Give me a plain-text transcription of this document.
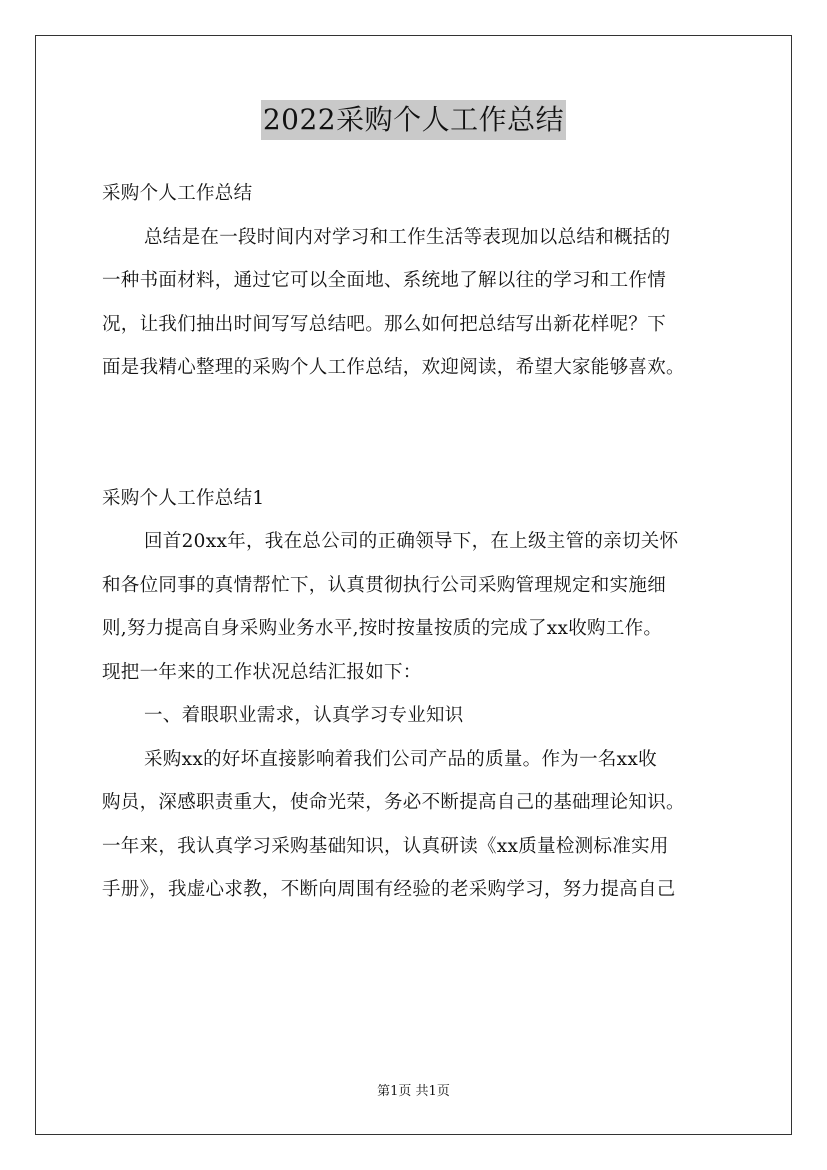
2022采购个人工作总结
采购个人工作总结
总结是在一段时间内对学习和工作生活等表现加以总结和概括的
一种书面材料，通过它可以全面地、系统地了解以往的学习和工作情
况，让我们抽出时间写写总结吧。那么如何把总结写出新花样呢？下
面是我精心整理的采购个人工作总结，欢迎阅读，希望大家能够喜欢。
采购个人工作总结1
回首20xx年，我在总公司的正确领导下，在上级主管的亲切关怀
和各位同事的真情帮忙下，认真贯彻执行公司采购管理规定和实施细
则,努力提高自身采购业务水平,按时按量按质的完成了xx收购工作。
现把一年来的工作状况总结汇报如下：
一、着眼职业需求，认真学习专业知识
采购xx的好坏直接影响着我们公司产品的质量。作为一名xx收
购员，深感职责重大，使命光荣，务必不断提高自己的基础理论知识。
一年来，我认真学习采购基础知识，认真研读《xx质量检测标准实用
手册》，我虚心求教，不断向周围有经验的老采购学习，努力提高自己
第1页 共1页
